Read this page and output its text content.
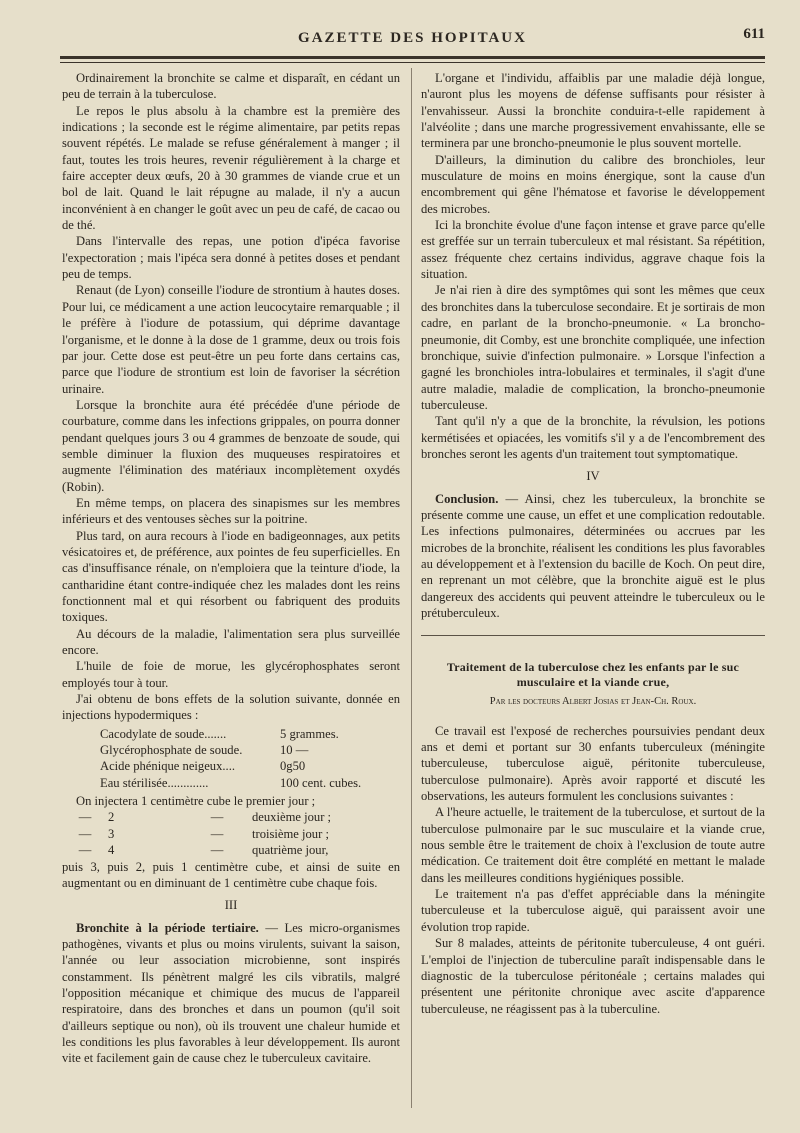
GAZETTE DES HOPITAUX	611

Ordinairement la bronchite se calme et disparaît, en cédant un peu de terrain à la tuberculose.

Le repos le plus absolu à la chambre est la première des indications ; la seconde est le régime alimentaire, par petits repas souvent répétés. Le malade se refuse généralement à manger ; il faut, toutes les trois heures, revenir régulièrement à la charge et faire accepter deux œufs, 20 à 30 grammes de viande crue et un bol de lait. Quand le lait répugne au malade, il n'y a aucun inconvénient à en changer le goût avec un peu de café, de cacao ou de thé.

Dans l'intervalle des repas, une potion d'ipéca favorise l'expectoration ; mais l'ipéca sera donné à petites doses et pendant peu de temps.

Renaut (de Lyon) conseille l'iodure de strontium à hautes doses. Pour lui, ce médicament a une action leucocytaire remarquable ; il le préfère à l'iodure de potassium, qui déprime davantage l'organisme, et le donne à la dose de 1 gramme, deux ou trois fois par jour. Cette dose est peut-être un peu forte dans certains cas, parce que l'iodure de strontium est loin de favoriser la sécrétion urinaire.

Lorsque la bronchite aura été précédée d'une période de courbature, comme dans les infections grippales, on pourra donner pendant quelques jours 3 ou 4 grammes de benzoate de soude, qui semble diminuer la fluxion des muqueuses respiratoires et augmente l'élimination des matériaux incomplètement oxydés (Robin).

En même temps, on placera des sinapismes sur les membres inférieurs et des ventouses sèches sur la poitrine.

Plus tard, on aura recours à l'iode en badigeonnages, aux petits vésicatoires et, de préférence, aux pointes de feu superficielles. En cas d'insuffisance rénale, on n'emploiera que la teinture d'iode, la cantharidine étant contre-indiquée chez les malades dont les reins fonctionnent mal et qui résorbent ou fabriquent des produits toxiques.

Au décours de la maladie, l'alimentation sera plus surveillée encore.

L'huile de foie de morue, les glycérophosphates seront employés tour à tour.

J'ai obtenu de bons effets de la solution suivante, donnée en injections hypodermiques :

Cacodylate de soude.......	5 grammes.
Glycérophosphate de soude.	10 —
Acide phénique neigeux....	0g50
Eau stérilisée.............	100 cent. cubes.

On injectera 1 centimètre cube le premier jour ;

—	2	—	deuxième jour ;
—	3	—	troisième jour ;
—	4	—	quatrième jour,

puis 3, puis 2, puis 1 centimètre cube, et ainsi de suite en augmentant ou en diminuant de 1 centimètre cube chaque fois.

III

Bronchite à la période tertiaire. — Les micro-organismes pathogènes, vivants et plus ou moins virulents, suivant la saison, l'année ou leur association microbienne, sont inspirés constamment. Ils pénètrent malgré les cils vibratils, malgré l'opposition mécanique et chimique des mucus de l'appareil respiratoire, dans des bronches et dans un poumon (qu'il soit d'ailleurs septique ou non), où ils trouvent une chaleur humide et les conditions les plus favorables à leur développement. Ils auront vite et facilement gain de cause chez le tuberculeux cavitaire.

L'organe et l'individu, affaiblis par une maladie déjà longue, n'auront plus les moyens de défense suffisants pour résister à l'envahisseur. Aussi la bronchite conduira-t-elle rapidement à l'alvéolite ; dans une marche progressivement envahissante, elle se terminera par une broncho-pneumonie le plus souvent mortelle.

D'ailleurs, la diminution du calibre des bronchioles, leur musculature de moins en moins énergique, sont la cause d'un encombrement qui gêne l'hématose et favorise le développement des microbes.

Ici la bronchite évolue d'une façon intense et grave parce qu'elle est greffée sur un terrain tuberculeux et mal résistant. Sa répétition, assez fréquente chez certains individus, aggrave chaque fois la situation.

Je n'ai rien à dire des symptômes qui sont les mêmes que ceux des bronchites dans la tuberculose secondaire. Et je sortirais de mon cadre, en parlant de la broncho-pneumonie. « La broncho-pneumonie, dit Comby, est une bronchite compliquée, une infection bronchique, suivie d'infection pulmonaire. » Lorsque l'infection a gagné les bronchioles intra-lobulaires et terminales, il s'agit d'une autre maladie, maladie de complication, la broncho-pneumonie tuberculeuse.

Tant qu'il n'y a que de la bronchite, la révulsion, les potions kermétisées et opiacées, les vomitifs s'il y a de l'encombrement des bronches seront les agents d'un traitement tout symptomatique.

IV

Conclusion. — Ainsi, chez les tuberculeux, la bronchite se présente comme une cause, un effet et une complication redoutable. Les infections pulmonaires, déterminées ou accrues par les microbes de la bronchite, réalisent les conditions les plus favorables au développement et à l'extension du bacille de Koch. On peut dire, en reprenant un mot célèbre, que la bronchite aiguë est le plus dangereux des accidents qui peuvent atteindre le tuberculeux ou le prétuberculeux.

Traitement de la tuberculose chez les enfants par le suc musculaire et la viande crue,
Par les docteurs Albert Josias et Jean-Ch. Roux.

Ce travail est l'exposé de recherches poursuivies pendant deux ans et demi et portant sur 30 enfants tuberculeux (méningite tuberculeuse, tuberculose aiguë, péritonite tuberculeuse, tuberculose pulmonaire). Après avoir rapporté et discuté les observations, les auteurs formulent les conclusions suivantes :

A l'heure actuelle, le traitement de la tuberculose, et surtout de la tuberculose pulmonaire par le suc musculaire et la viande crue, nous semble être le traitement de choix à l'exclusion de toute autre médication. Ce traitement doit être complété en mettant le malade dans les meilleures conditions hygiéniques possible.

Le traitement n'a pas d'effet appréciable dans la méningite tuberculeuse et la tuberculose aiguë, qui paraissent avoir une évolution trop rapide.

Sur 8 malades, atteints de péritonite tuberculeuse, 4 ont guéri. L'emploi de l'injection de tuberculine paraît indispensable dans le diagnostic de la tuberculose péritonéale ; certains malades qui présentent une péritonite chronique avec ascite d'apparence tuberculeuse, ne réagissent pas à la tuberculine.
